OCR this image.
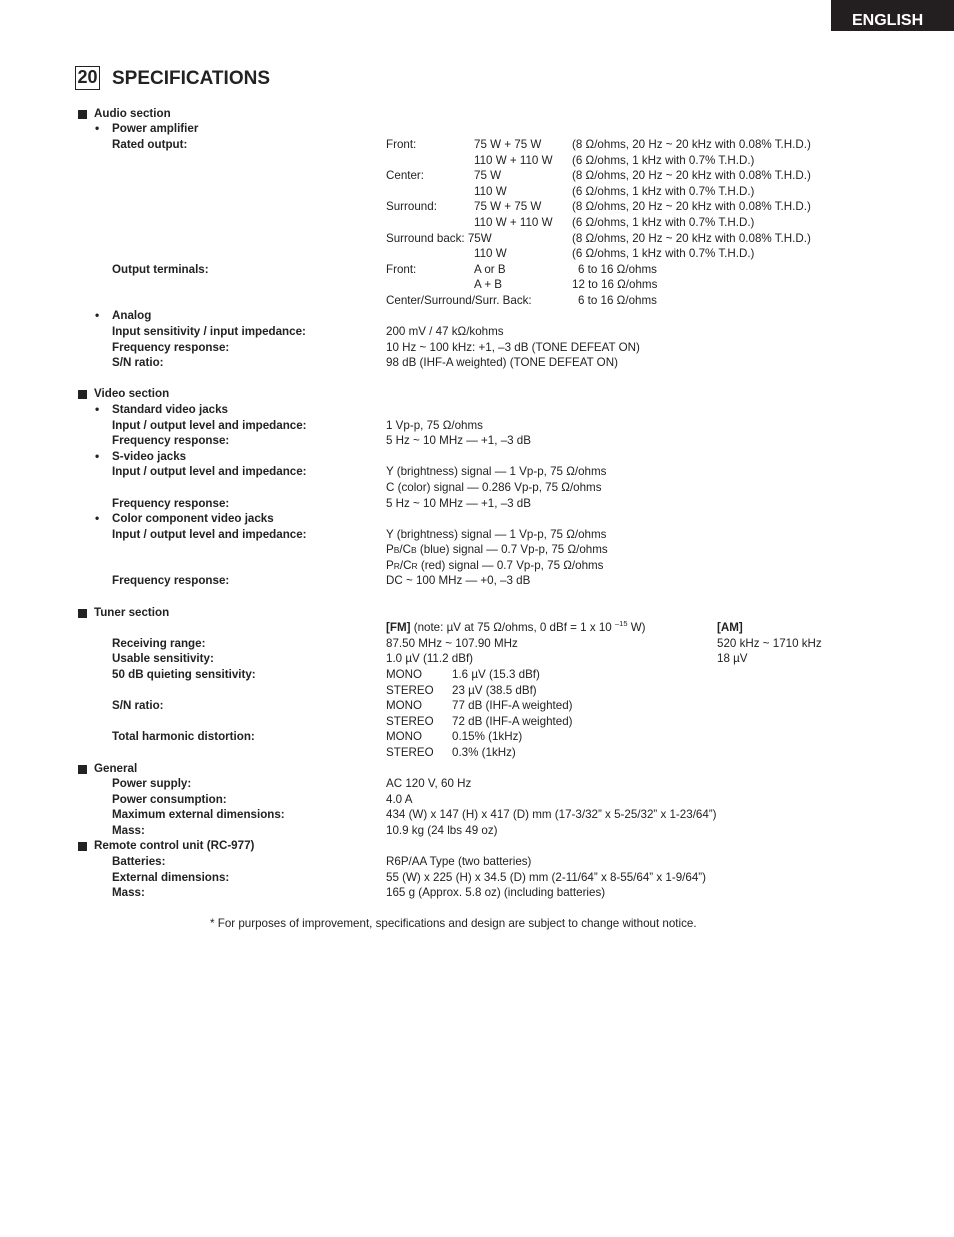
ENGLISH
20 SPECIFICATIONS
Audio section
• Power amplifier
Rated output:	Front:	75 W + 75 W	(8 Ω/ohms, 20 Hz ~ 20 kHz with 0.08% T.H.D.)
110 W + 110 W (6 Ω/ohms, 1 kHz with 0.7% T.H.D.)
Center:	75 W	(8 Ω/ohms, 20 Hz ~ 20 kHz with 0.08% T.H.D.)
110 W	(6 Ω/ohms, 1 kHz with 0.7% T.H.D.)
Surround:	75 W + 75 W	(8 Ω/ohms, 20 Hz ~ 20 kHz with 0.08% T.H.D.)
110 W + 110 W (6 Ω/ohms, 1 kHz with 0.7% T.H.D.)
Surround back: 75W	(8 Ω/ohms, 20 Hz ~ 20 kHz with 0.08% T.H.D.)
110 W	(6 Ω/ohms, 1 kHz with 0.7% T.H.D.)
Output terminals:	Front:	A or B	6 to 16 Ω/ohms
A + B	12 to 16 Ω/ohms
Center/Surround/Surr. Back:	6 to 16 Ω/ohms
• Analog
Input sensitivity / input impedance:	200 mV / 47 kΩ/kohms
Frequency response:	10 Hz ~ 100 kHz: +1, –3 dB (TONE DEFEAT ON)
S/N ratio:	98 dB (IHF-A weighted) (TONE DEFEAT ON)
Video section
• Standard video jacks
Input / output level and impedance:	1 Vp-p, 75 Ω/ohms
Frequency response:	5 Hz ~ 10 MHz — +1, –3 dB
• S-video jacks
Input / output level and impedance:	Y (brightness) signal — 1 Vp-p, 75 Ω/ohms
C (color) signal — 0.286 Vp-p, 75 Ω/ohms
Frequency response:	5 Hz ~ 10 MHz — +1, –3 dB
• Color component video jacks
Input / output level and impedance:	Y (brightness) signal — 1 Vp-p, 75 Ω/ohms
PB/CB (blue) signal — 0.7 Vp-p, 75 Ω/ohms
PR/CR (red) signal — 0.7 Vp-p, 75 Ω/ohms
Frequency response:	DC ~ 100 MHz — +0, –3 dB
Tuner section
[FM] (note: µV at 75 Ω/ohms, 0 dBf = 1 x 10 $^{-15}$ W)	[AM]
Receiving range:	87.50 MHz ~ 107.90 MHz	520 kHz ~ 1710 kHz
Usable sensitivity:	1.0 µV (11.2 dBf)	18 µV
50 dB quieting sensitivity:	MONO	1.6 µV (15.3 dBf)
STEREO 23 µV (38.5 dBf)
S/N ratio:	MONO	77 dB (IHF-A weighted)
STEREO 72 dB (IHF-A weighted)
Total harmonic distortion:	MONO	0.15% (1kHz)
STEREO 0.3% (1kHz)
General
Power supply:	AC 120 V, 60 Hz
Power consumption:	4.0 A
Maximum external dimensions:	434 (W) x 147 (H) x 417 (D) mm (17-3/32” x 5-25/32” x 1-23/64”)
Mass:	10.9 kg (24 lbs 49 oz)
Remote control unit (RC-977)
Batteries:	R6P/AA Type (two batteries)
External dimensions:	55 (W) x 225 (H) x 34.5 (D) mm (2-11/64” x 8-55/64” x 1-9/64”)
Mass:	165 g (Approx. 5.8 oz) (including batteries)
* For purposes of improvement, specifications and design are subject to change without notice.
